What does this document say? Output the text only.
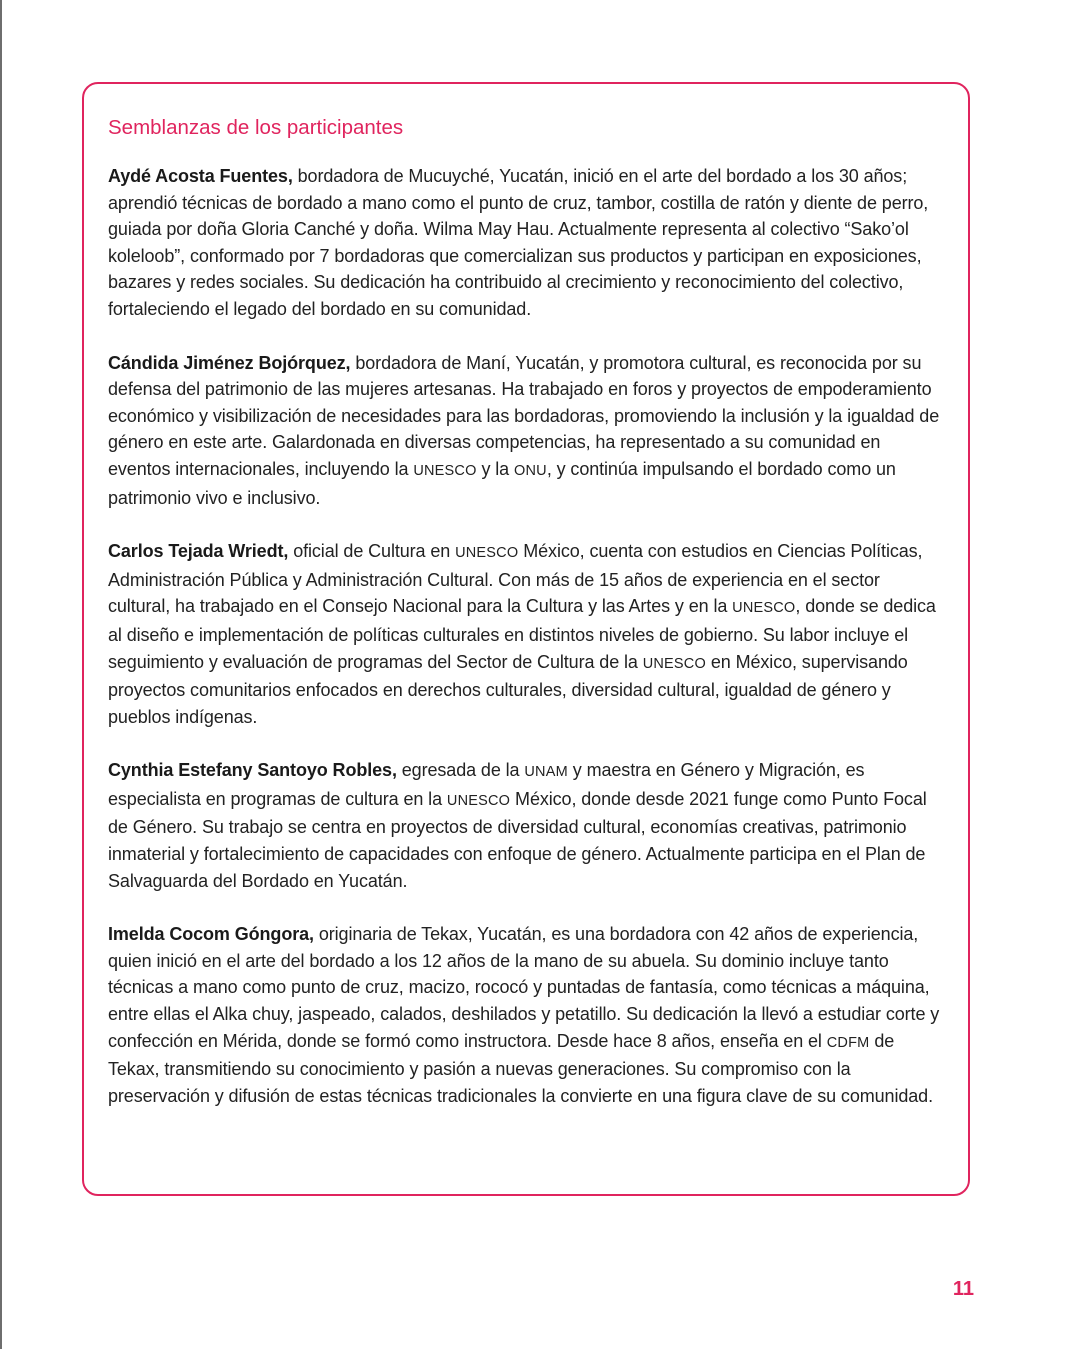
Semblanzas de los participantes

Aydé Acosta Fuentes, bordadora de Mucuyché, Yucatán, inició en el arte del bordado a los 30 años; aprendió técnicas de bordado a mano como el punto de cruz, tambor, costilla de ratón y diente de perro, guiada por doña Gloria Canché y doña. Wilma May Hau. Actualmente representa al colectivo “Sako’ol koleloob”, conformado por 7 bordadoras que comercializan sus productos y participan en exposiciones, bazares y redes sociales. Su dedicación ha contribuido al crecimiento y reconocimiento del colectivo, fortaleciendo el legado del bordado en su comunidad.

Cándida Jiménez Bojórquez, bordadora de Maní, Yucatán, y promotora cultural, es reconocida por su defensa del patrimonio de las mujeres artesanas. Ha trabajado en foros y proyectos de empoderamiento económico y visibilización de necesidades para las bordadoras, promoviendo la inclusión y la igualdad de género en este arte. Galardonada en diversas competencias, ha representado a su comunidad en eventos internacionales, incluyendo la UNESCO y la ONU, y continúa impulsando el bordado como un patrimonio vivo e inclusivo.

Carlos Tejada Wriedt, oficial de Cultura en UNESCO México, cuenta con estudios en Ciencias Políticas, Administración Pública y Administración Cultural. Con más de 15 años de experiencia en el sector cultural, ha trabajado en el Consejo Nacional para la Cultura y las Artes y en la UNESCO, donde se dedica al diseño e implementación de políticas culturales en distintos niveles de gobierno. Su labor incluye el seguimiento y evaluación de programas del Sector de Cultura de la UNESCO en México, supervisando proyectos comunitarios enfocados en derechos culturales, diversidad cultural, igualdad de género y pueblos indígenas.

Cynthia Estefany Santoyo Robles, egresada de la UNAM y maestra en Género y Migración, es especialista en programas de cultura en la UNESCO México, donde desde 2021 funge como Punto Focal de Género. Su trabajo se centra en proyectos de diversidad cultural, economías creativas, patrimonio inmaterial y fortalecimiento de capacidades con enfoque de género. Actualmente participa en el Plan de Salvaguarda del Bordado en Yucatán.

Imelda Cocom Góngora, originaria de Tekax, Yucatán, es una bordadora con 42 años de experiencia, quien inició en el arte del bordado a los 12 años de la mano de su abuela. Su dominio incluye tanto técnicas a mano como punto de cruz, macizo, rococó y puntadas de fantasía, como técnicas a máquina, entre ellas el Alka chuy, jaspeado, calados, deshilados y petatillo. Su dedicación la llevó a estudiar corte y confección en Mérida, donde se formó como instructora. Desde hace 8 años, enseña en el CDFM de Tekax, transmitiendo su conocimiento y pasión a nuevas generaciones. Su compromiso con la preservación y difusión de estas técnicas tradicionales la convierte en una figura clave de su comunidad.

11
